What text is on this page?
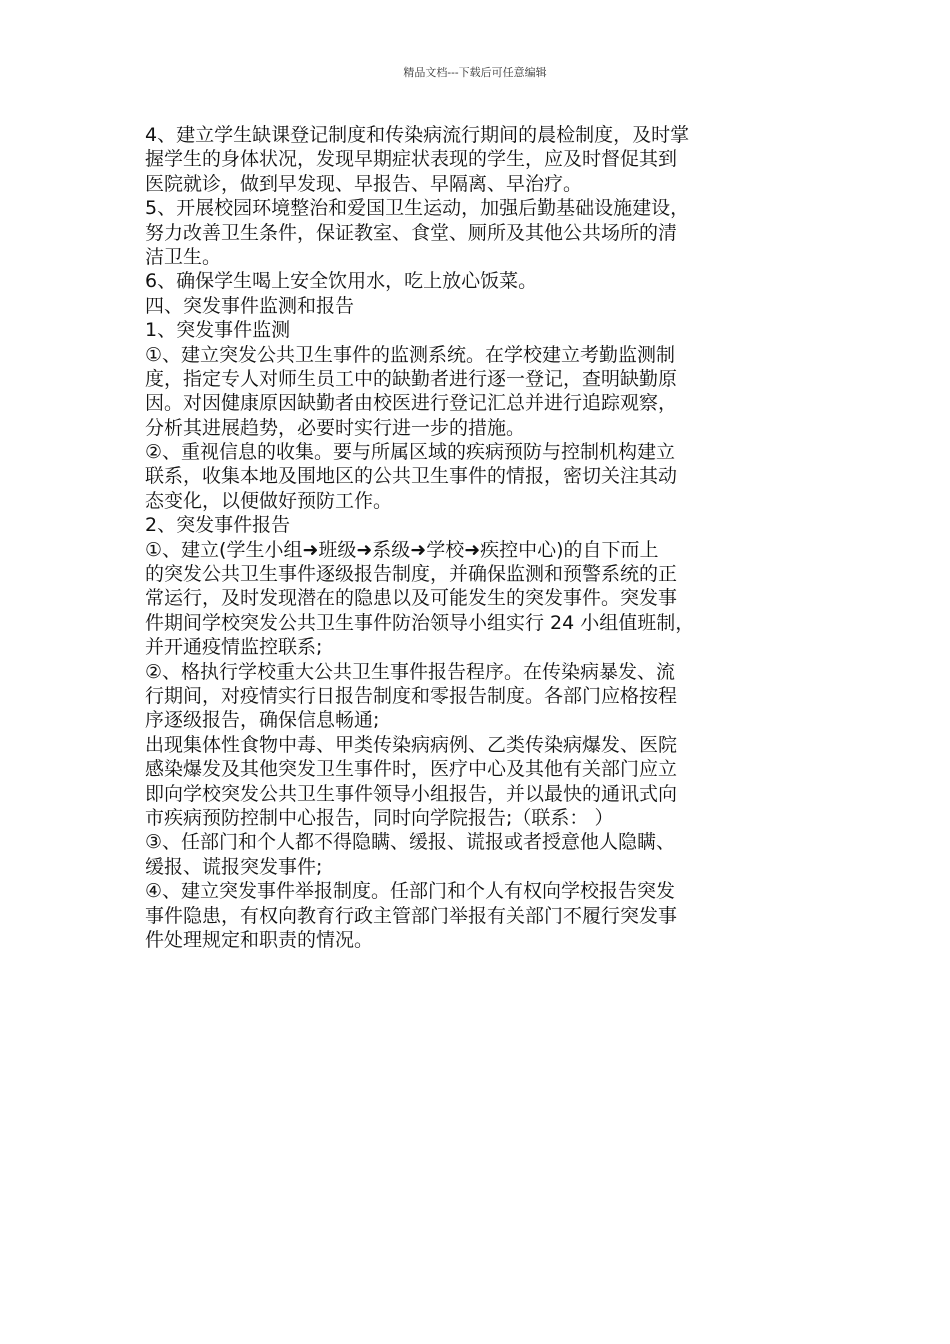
精品文档---下载后可任意编辑
4、建立学生缺课登记制度和传染病流行期间的晨检制度，及时掌
握学生的身体状况，发现早期症状表现的学生，应及时督促其到
医院就诊，做到早发现、早报告、早隔离、早治疗。
5、开展校园环境整治和爱国卫生运动，加强后勤基础设施建设，
努力改善卫生条件，保证教室、食堂、厕所及其他公共场所的清
洁卫生。
6、确保学生喝上安全饮用水，吃上放心饭菜。
四、突发事件监测和报告
1、突发事件监测
①、建立突发公共卫生事件的监测系统。在学校建立考勤监测制
度，指定专人对师生员工中的缺勤者进行逐一登记，查明缺勤原
因。对因健康原因缺勤者由校医进行登记汇总并进行追踪观察，
分析其进展趋势，必要时实行进一步的措施。
②、重视信息的收集。要与所属区域的疾病预防与控制机构建立
联系，收集本地及围地区的公共卫生事件的情报，密切关注其动
态变化，以便做好预防工作。
2、突发事件报告
①、建立(学生小组➜班级➜系级➜学校➜疾控中心)的自下而上
的突发公共卫生事件逐级报告制度，并确保监测和预警系统的正
常运行，及时发现潜在的隐患以及可能发生的突发事件。突发事
件期间学校突发公共卫生事件防治领导小组实行 24 小组值班制，
并开通疫情监控联系;
②、格执行学校重大公共卫生事件报告程序。在传染病暴发、流
行期间，对疫情实行日报告制度和零报告制度。各部门应格按程
序逐级报告，确保信息畅通;
出现集体性食物中毒、甲类传染病病例、乙类传染病爆发、医院
感染爆发及其他突发卫生事件时，医疗中心及其他有关部门应立
即向学校突发公共卫生事件领导小组报告，并以最快的通讯式向
市疾病预防控制中心报告，同时向学院报告;（联系： ）
③、任部门和个人都不得隐瞒、缓报、谎报或者授意他人隐瞒、
缓报、谎报突发事件;
④、建立突发事件举报制度。任部门和个人有权向学校报告突发
事件隐患，有权向教育行政主管部门举报有关部门不履行突发事
件处理规定和职责的情况。
